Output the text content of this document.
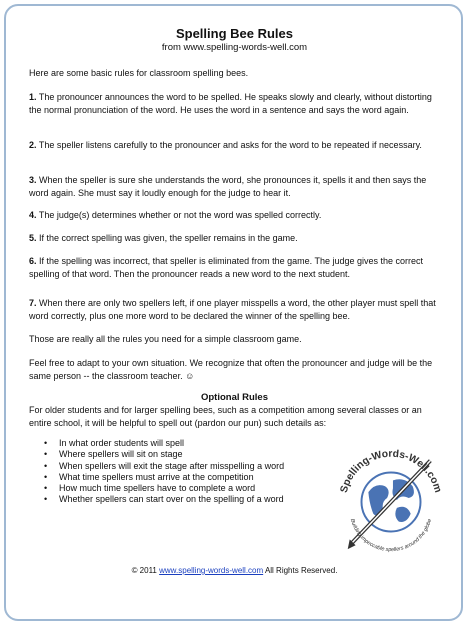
Spelling Bee Rules

from www.spelling-words-well.com

Here are some basic rules for classroom spelling bees.

1. The pronouncer announces the word to be spelled. He speaks slowly and clearly, without distorting the normal pronunciation of the word. He uses the word in a sentence and says the word again.

2. The speller listens carefully to the pronouncer and asks for the word to be repeated if necessary.

3. When the speller is sure she understands the word, she pronounces it, spells it and then says the word again. She must say it loudly enough for the judge to hear it.

4. The judge(s) determines whether or not the word was spelled correctly.

5. If the correct spelling was given, the speller remains in the game.

6. If the spelling was incorrect, that speller is eliminated from the game. The judge gives the correct spelling of that word. Then the pronouncer reads a new word to the next student.

7. When there are only two spellers left, if one player misspells a word, the other player must spell that word correctly, plus one more word to be declared the winner of the spelling bee.

Those are really all the rules you need for a simple classroom game.

Feel free to adapt to your own situation. We recognize that often the pronouncer and judge will be the same person -- the classroom teacher. ☺

Optional Rules

For older students and for larger spelling bees, such as a competition among several classes or an entire school, it will be helpful to spell out (pardon our pun) such details as:

• In what order students will spell
• Where spellers will sit on stage
• When spellers will exit the stage after misspelling a word
• What time spellers must arrive at the competition
• How much time spellers have to complete a word
• Whether spellers can start over on the spelling of a word
Spelling-Words-Well.com
Building impeccable spellers around the globe
© 2011 www.spelling-words-well.com All Rights Reserved.
